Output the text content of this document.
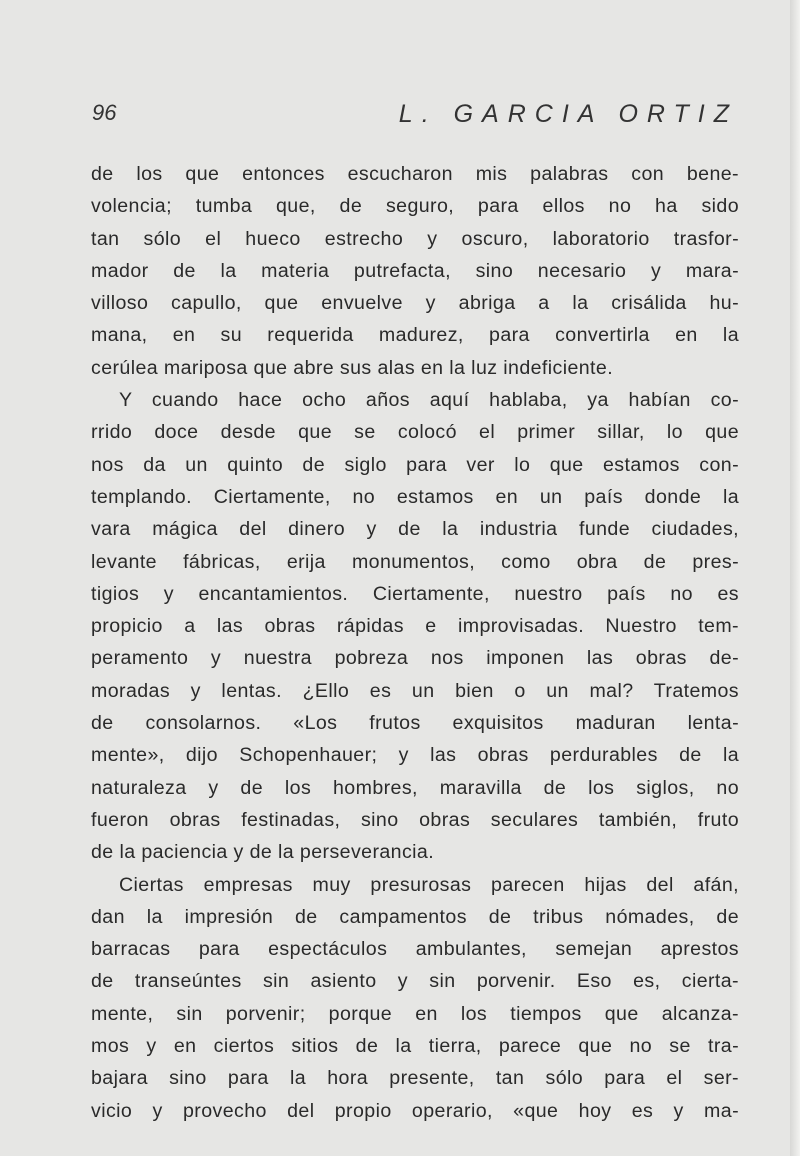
96	L. GARCIA ORTIZ
de los que entonces escucharon mis palabras con bene-
volencia; tumba que, de seguro, para ellos no ha sido
tan sólo el hueco estrecho y oscuro, laboratorio trasfor-
mador de la materia putrefacta, sino necesario y mara-
villoso capullo, que envuelve y abriga a la crisálida hu-
mana, en su requerida madurez, para convertirla en la
cerúlea mariposa que abre sus alas en la luz indeficiente.
Y cuando hace ocho años aquí hablaba, ya habían co-
rrido doce desde que se colocó el primer sillar, lo que
nos da un quinto de siglo para ver lo que estamos con-
templando. Ciertamente, no estamos en un país donde la
vara mágica del dinero y de la industria funde ciudades,
levante fábricas, erija monumentos, como obra de pres-
tigios y encantamientos. Ciertamente, nuestro país no es
propicio a las obras rápidas e improvisadas. Nuestro tem-
peramento y nuestra pobreza nos imponen las obras de-
moradas y lentas. ¿Ello es un bien o un mal? Tratemos
de consolarnos. «Los frutos exquisitos maduran lenta-
mente», dijo Schopenhauer; y las obras perdurables de la
naturaleza y de los hombres, maravilla de los siglos, no
fueron obras festinadas, sino obras seculares también, fruto
de la paciencia y de la perseverancia.
Ciertas empresas muy presurosas parecen hijas del afán,
dan la impresión de campamentos de tribus nómades, de
barracas para espectáculos ambulantes, semejan aprestos
de transeúntes sin asiento y sin porvenir. Eso es, cierta-
mente, sin porvenir; porque en los tiempos que alcanza-
mos y en ciertos sitios de la tierra, parece que no se tra-
bajara sino para la hora presente, tan sólo para el ser-
vicio y provecho del propio operario, «que hoy es y ma-
